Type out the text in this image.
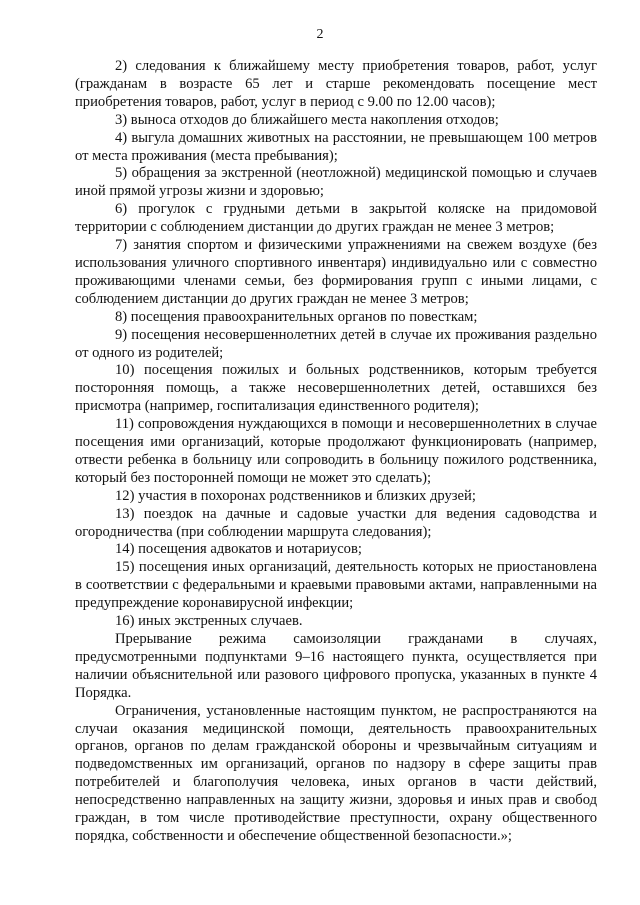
2

2) следования к ближайшему месту приобретения товаров, работ, услуг (гражданам в возрасте 65 лет и старше рекомендовать посещение мест приобретения товаров, работ, услуг в период с 9.00 по 12.00 часов);

3) выноса отходов до ближайшего места накопления отходов;

4) выгула домашних животных на расстоянии, не превышающем 100 метров от места проживания (места пребывания);

5) обращения за экстренной (неотложной) медицинской помощью и случаев иной прямой угрозы жизни и здоровью;

6) прогулок с грудными детьми в закрытой коляске на придомовой территории с соблюдением дистанции до других граждан не менее 3 метров;

7) занятия спортом и физическими упражнениями на свежем воздухе (без использования уличного спортивного инвентаря) индивидуально или с совместно проживающими членами семьи, без формирования групп с иными лицами, с соблюдением дистанции до других граждан не менее 3 метров;

8) посещения правоохранительных органов по повесткам;

9) посещения несовершеннолетних детей в случае их проживания раздельно от одного из родителей;

10) посещения пожилых и больных родственников, которым требуется посторонняя помощь, а также несовершеннолетних детей, оставшихся без присмотра (например, госпитализация единственного родителя);

11) сопровождения нуждающихся в помощи и несовершеннолетних в случае посещения ими организаций, которые продолжают функционировать (например, отвести ребенка в больницу или сопроводить в больницу пожилого родственника, который без посторонней помощи не может это сделать);

12) участия в похоронах родственников и близких друзей;

13) поездок на дачные и садовые участки для ведения садоводства и огородничества (при соблюдении маршрута следования);

14) посещения адвокатов и нотариусов;

15) посещения иных организаций, деятельность которых не приостановлена в соответствии с федеральными и краевыми правовыми актами, направленными на предупреждение коронавирусной инфекции;

16) иных экстренных случаев.

Прерывание режима самоизоляции гражданами в случаях, предусмотренными подпунктами 9–16 настоящего пункта, осуществляется при наличии объяснительной или разового цифрового пропуска, указанных в пункте 4 Порядка.

Ограничения, установленные настоящим пунктом, не распространяются на случаи оказания медицинской помощи, деятельность правоохранительных органов, органов по делам гражданской обороны и чрезвычайным ситуациям и подведомственных им организаций, органов по надзору в сфере защиты прав потребителей и благополучия человека, иных органов в части действий, непосредственно направленных на защиту жизни, здоровья и иных прав и свобод граждан, в том числе противодействие преступности, охрану общественного порядка, собственности и обеспечение общественной безопасности.»;
